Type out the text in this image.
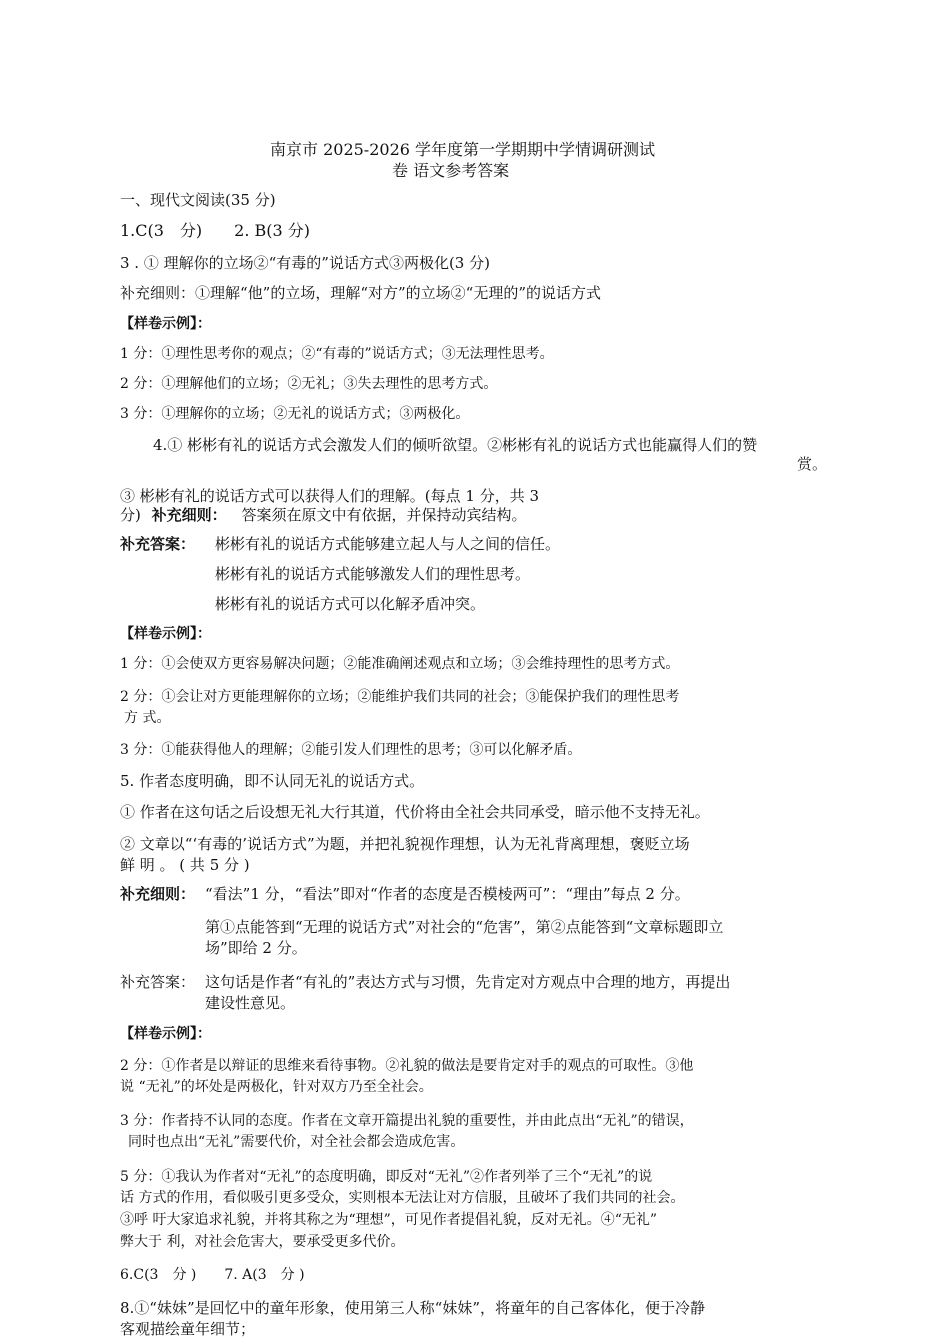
南京市 2025-2026 学年度第一学期期中学情调研测试
卷 语文参考答案
一、现代文阅读(35 分)
1.C(3　分)　　2. B(3 分)
3 . ① 理解你的立场②“有毒的”说话方式③两极化(3 分)
补充细则：①理解“他”的立场，理解“对方”的立场②“无理的”的说话方式
【样卷示例】：
1 分：①理性思考你的观点；②“有毒的”说话方式；③无法理性思考。
2 分：①理解他们的立场；②无礼；③失去理性的思考方式。
3 分：①理解你的立场；②无礼的说话方式；③两极化。
4.① 彬彬有礼的说话方式会激发人们的倾听欲望。②彬彬有礼的说话方式也能赢得人们的赞
赏。
③ 彬彬有礼的说话方式可以获得人们的理解。(每点 1 分，共 3
分) 补充细则： 答案须在原文中有依据，并保持动宾结构。
补充答案： 彬彬有礼的说话方式能够建立起人与人之间的信任。
彬彬有礼的说话方式能够激发人们的理性思考。
彬彬有礼的说话方式可以化解矛盾冲突。
【样卷示例】：
1 分：①会使双方更容易解决问题；②能准确阐述观点和立场；③会维持理性的思考方式。
2 分：①会让对方更能理解你的立场；②能维护我们共同的社会；③能保护我们的理性思考
方 式。
3 分：①能获得他人的理解；②能引发人们理性的思考；③可以化解矛盾。
5. 作者态度明确，即不认同无礼的说话方式。
① 作者在这句话之后设想无礼大行其道，代价将由全社会共同承受，暗示他不支持无礼。
② 文章以“‘有毒的’说话方式”为题，并把礼貌视作理想，认为无礼背离理想，褒贬立场
鲜 明 。 ( 共 5 分 )
补充细则： “看法”1 分，“看法”即对“作者的态度是否模棱两可”：“理由”每点 2 分。
第①点能答到“无理的说话方式”对社会的“危害”，第②点能答到“文章标题即立
场”即给 2 分。
补充答案： 这句话是作者“有礼的”表达方式与习惯，先肯定对方观点中合理的地方，再提出
建设性意见。
【样卷示例】：
2 分：①作者是以辩证的思维来看待事物。②礼貌的做法是要肯定对手的观点的可取性。③他
说 “无礼”的坏处是两极化，针对双方乃至全社会。
3 分：作者持不认同的态度。作者在文章开篇提出礼貌的重要性，并由此点出“无礼”的错误，
同时也点出“无礼”需要代价，对全社会都会造成危害。
5 分：①我认为作者对“无礼”的态度明确，即反对“无礼”②作者列举了三个“无礼”的说
话 方式的作用，看似吸引更多受众，实则根本无法让对方信服，且破坏了我们共同的社会。
③呼 吁大家追求礼貌，并将其称之为“理想”，可见作者提倡礼貌，反对无礼。④“无礼”
弊大于 利，对社会危害大，要承受更多代价。
6.C(3　分 )　　7. A(3　分 )
8.①“妹妹”是回忆中的童年形象，使用第三人称“妹妹”，将童年的自己客体化，便于冷静
客观描绘童年细节；
